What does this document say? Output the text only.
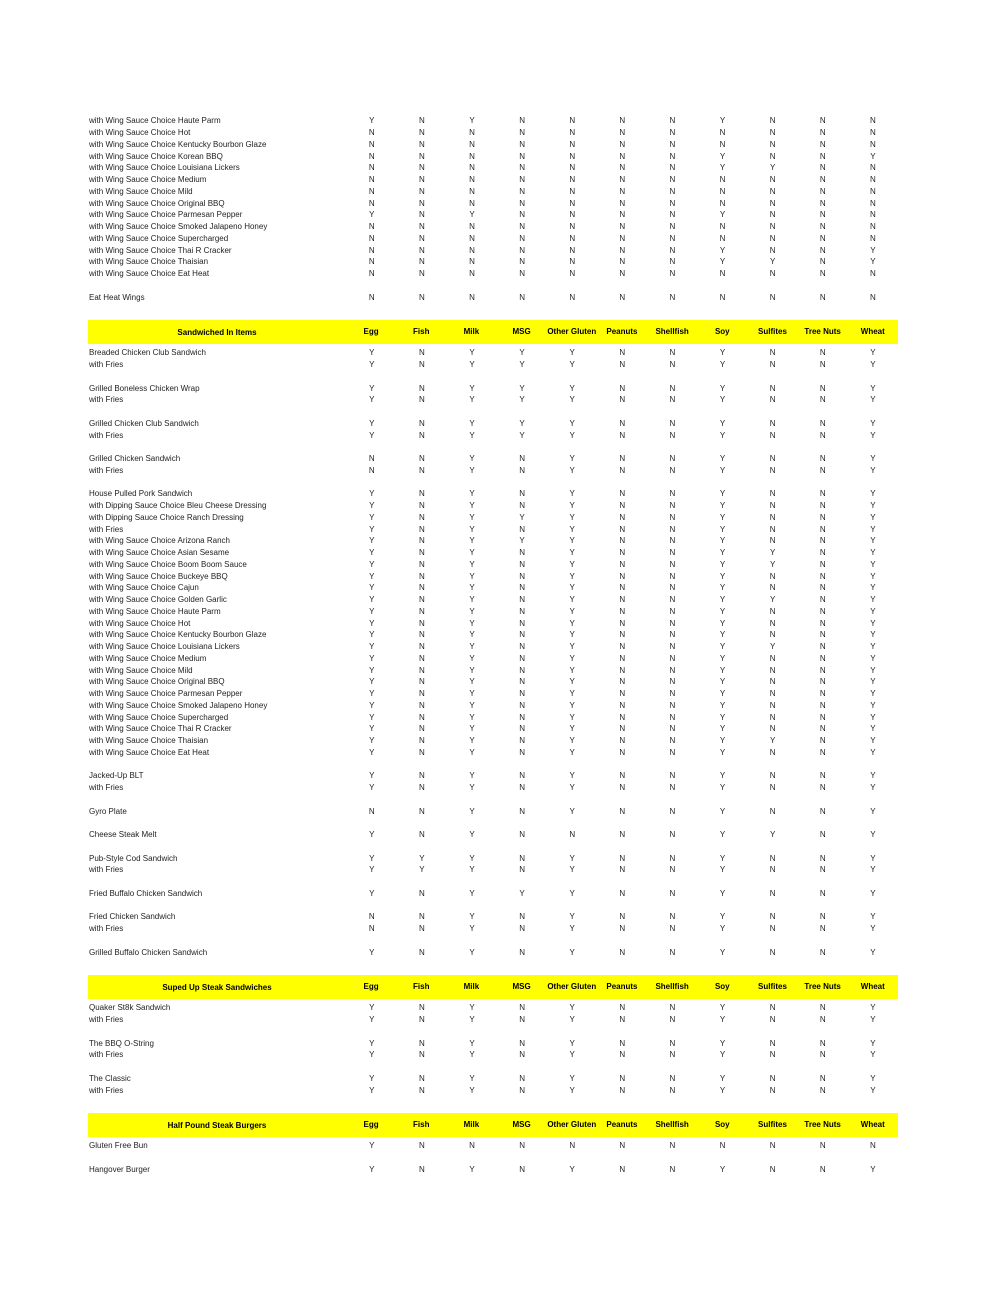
with Wing Sauce Choice Haute Parm	Y	N	Y	N	N	N	N	Y	N	N	N
with Wing Sauce Choice Hot	N	N	N	N	N	N	N	N	N	N	N
with Wing Sauce Choice Kentucky Bourbon Glaze	N	N	N	N	N	N	N	N	N	N	N
with Wing Sauce Choice Korean BBQ	N	N	N	N	N	N	N	Y	N	N	Y
with Wing Sauce Choice Louisiana Lickers	N	N	N	N	N	N	N	Y	Y	N	N
with Wing Sauce Choice Medium	N	N	N	N	N	N	N	N	N	N	N
with Wing Sauce Choice Mild	N	N	N	N	N	N	N	N	N	N	N
with Wing Sauce Choice Original BBQ	N	N	N	N	N	N	N	N	N	N	N
with Wing Sauce Choice Parmesan Pepper	Y	N	Y	N	N	N	N	Y	N	N	N
with Wing Sauce Choice Smoked Jalapeno Honey	N	N	N	N	N	N	N	N	N	N	N
with Wing Sauce Choice Supercharged	N	N	N	N	N	N	N	N	N	N	N
with Wing Sauce Choice Thai R Cracker	N	N	N	N	N	N	N	Y	N	N	Y
with Wing Sauce Choice Thaisian	N	N	N	N	N	N	N	Y	Y	N	Y
with Wing Sauce Choice Eat Heat	N	N	N	N	N	N	N	N	N	N	N
Eat Heat Wings	N	N	N	N	N	N	N	N	N	N	N
Sandwiched In Items	Egg	Fish	Milk	MSG	Other Gluten	Peanuts	Shellfish	Soy	Sulfites	Tree Nuts	Wheat
Breaded Chicken Club Sandwich	Y	N	Y	Y	Y	N	N	Y	N	N	Y
with Fries	Y	N	Y	Y	Y	N	N	Y	N	N	Y
Grilled Boneless Chicken Wrap	Y	N	Y	Y	Y	N	N	Y	N	N	Y
with Fries	Y	N	Y	Y	Y	N	N	Y	N	N	Y
Grilled Chicken Club Sandwich	Y	N	Y	Y	Y	N	N	Y	N	N	Y
with Fries	Y	N	Y	Y	Y	N	N	Y	N	N	Y
Grilled Chicken Sandwich	N	N	Y	N	Y	N	N	Y	N	N	Y
with Fries	N	N	Y	N	Y	N	N	Y	N	N	Y
House Pulled Pork Sandwich	Y	N	Y	N	Y	N	N	Y	N	N	Y
with Dipping Sauce Choice Bleu Cheese Dressing	Y	N	Y	N	Y	N	N	Y	N	N	Y
with Dipping Sauce Choice Ranch Dressing	Y	N	Y	Y	Y	N	N	Y	N	N	Y
with Fries	Y	N	Y	N	Y	N	N	Y	N	N	Y
with Wing Sauce Choice Arizona Ranch	Y	N	Y	Y	Y	N	N	Y	N	N	Y
with Wing Sauce Choice Asian Sesame	Y	N	Y	N	Y	N	N	Y	Y	N	Y
with Wing Sauce Choice Boom Boom Sauce	Y	N	Y	N	Y	N	N	Y	Y	N	Y
with Wing Sauce Choice Buckeye BBQ	Y	N	Y	N	Y	N	N	Y	N	N	Y
with Wing Sauce Choice Cajun	Y	N	Y	N	Y	N	N	Y	N	N	Y
with Wing Sauce Choice Golden Garlic	Y	N	Y	N	Y	N	N	Y	Y	N	Y
with Wing Sauce Choice Haute Parm	Y	N	Y	N	Y	N	N	Y	N	N	Y
with Wing Sauce Choice Hot	Y	N	Y	N	Y	N	N	Y	N	N	Y
with Wing Sauce Choice Kentucky Bourbon Glaze	Y	N	Y	N	Y	N	N	Y	N	N	Y
with Wing Sauce Choice Louisiana Lickers	Y	N	Y	N	Y	N	N	Y	Y	N	Y
with Wing Sauce Choice Medium	Y	N	Y	N	Y	N	N	Y	N	N	Y
with Wing Sauce Choice Mild	Y	N	Y	N	Y	N	N	Y	N	N	Y
with Wing Sauce Choice Original BBQ	Y	N	Y	N	Y	N	N	Y	N	N	Y
with Wing Sauce Choice Parmesan Pepper	Y	N	Y	N	Y	N	N	Y	N	N	Y
with Wing Sauce Choice Smoked Jalapeno Honey	Y	N	Y	N	Y	N	N	Y	N	N	Y
with Wing Sauce Choice Supercharged	Y	N	Y	N	Y	N	N	Y	N	N	Y
with Wing Sauce Choice Thai R Cracker	Y	N	Y	N	Y	N	N	Y	N	N	Y
with Wing Sauce Choice Thaisian	Y	N	Y	N	Y	N	N	Y	Y	N	Y
with Wing Sauce Choice Eat Heat	Y	N	Y	N	Y	N	N	Y	N	N	Y
Jacked-Up BLT	Y	N	Y	N	Y	N	N	Y	N	N	Y
with Fries	Y	N	Y	N	Y	N	N	Y	N	N	Y
Gyro Plate	N	N	Y	N	Y	N	N	Y	N	N	Y
Cheese Steak Melt	Y	N	Y	N	N	N	N	Y	Y	N	Y
Pub-Style Cod Sandwich	Y	Y	Y	N	Y	N	N	Y	N	N	Y
with Fries	Y	Y	Y	N	Y	N	N	Y	N	N	Y
Fried Buffalo Chicken Sandwich	Y	N	Y	Y	Y	N	N	Y	N	N	Y
Fried Chicken Sandwich	N	N	Y	N	Y	N	N	Y	N	N	Y
with Fries	N	N	Y	N	Y	N	N	Y	N	N	Y
Grilled Buffalo Chicken Sandwich	Y	N	Y	N	Y	N	N	Y	N	N	Y
Suped Up Steak Sandwiches	Egg	Fish	Milk	MSG	Other Gluten	Peanuts	Shellfish	Soy	Sulfites	Tree Nuts	Wheat
Quaker St8k Sandwich	Y	N	Y	N	Y	N	N	Y	N	N	Y
with Fries	Y	N	Y	N	Y	N	N	Y	N	N	Y
The BBQ O-String	Y	N	Y	N	Y	N	N	Y	N	N	Y
with Fries	Y	N	Y	N	Y	N	N	Y	N	N	Y
The Classic	Y	N	Y	N	Y	N	N	Y	N	N	Y
with Fries	Y	N	Y	N	Y	N	N	Y	N	N	Y
Half Pound Steak Burgers	Egg	Fish	Milk	MSG	Other Gluten	Peanuts	Shellfish	Soy	Sulfites	Tree Nuts	Wheat
Gluten Free Bun	Y	N	N	N	N	N	N	N	N	N	N
Hangover Burger	Y	N	Y	N	Y	N	N	Y	N	N	Y
